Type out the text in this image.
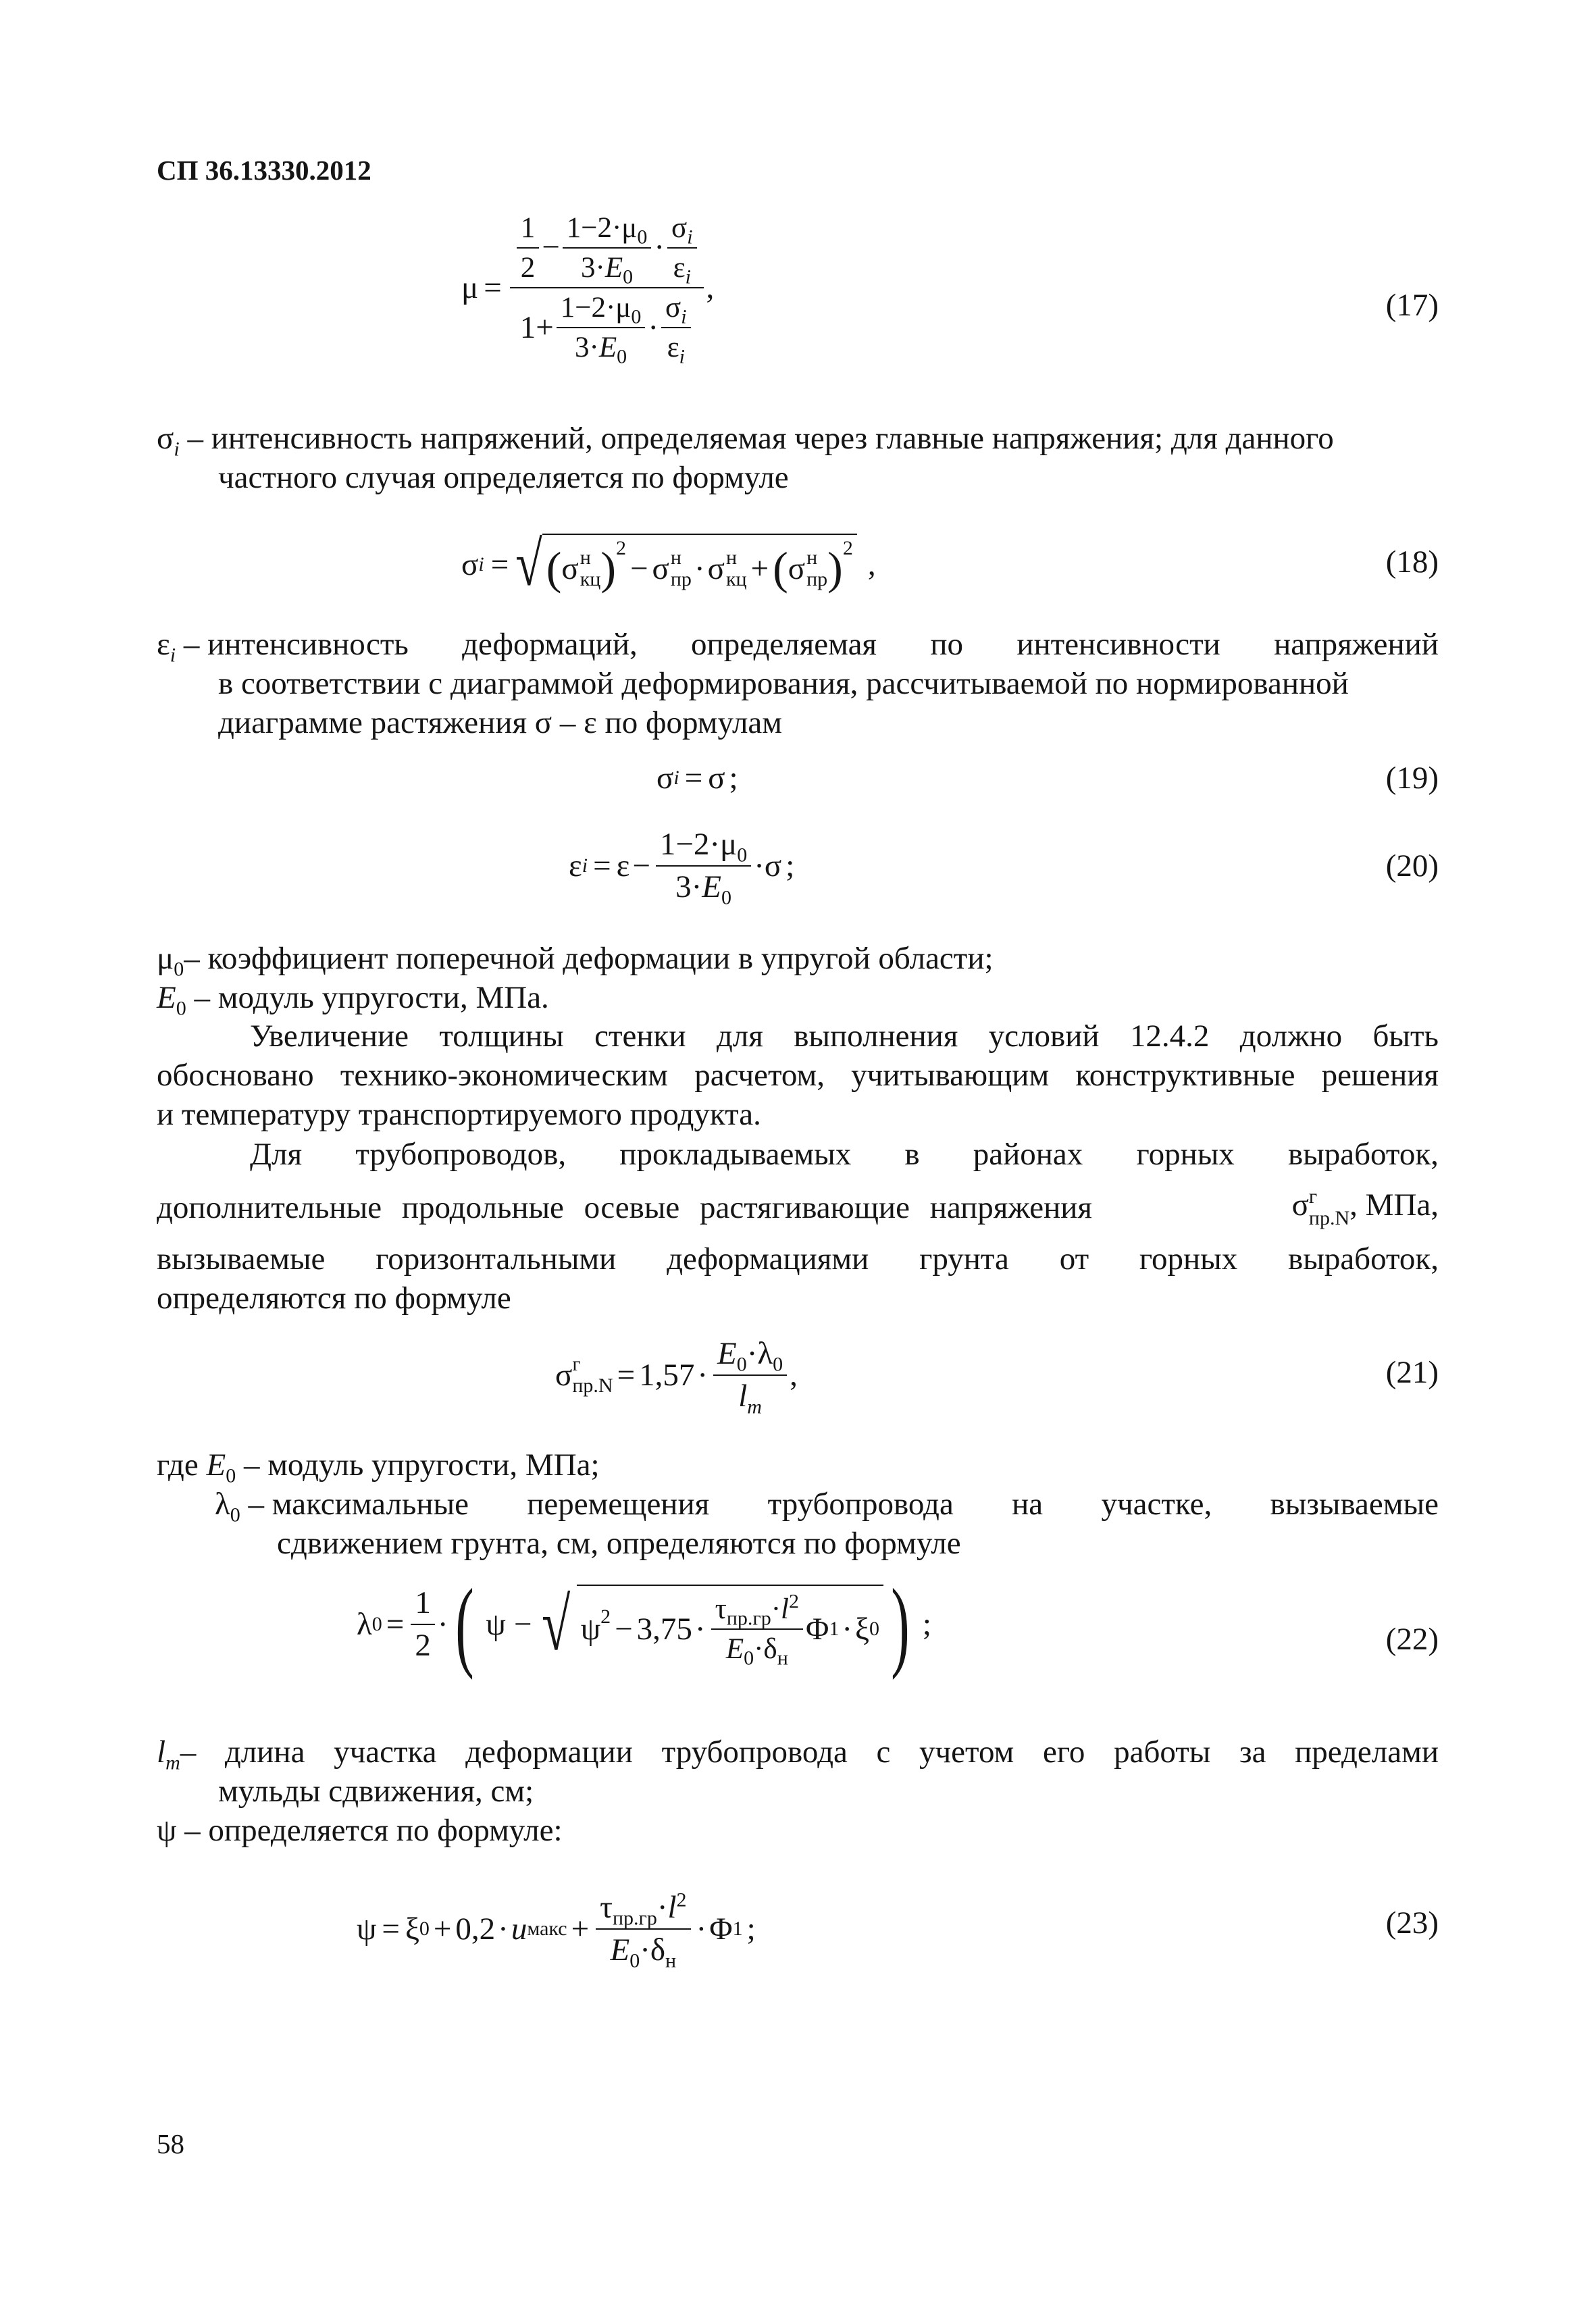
СП 36.13330.2012
$\mu = \frac{\frac{1}{2} - \frac{1-2\cdot\mu_0}{3\cdot E_0} \cdot \frac{\sigma_i}{\varepsilon_i}}{1 + \frac{1-2\cdot\mu_0}{3\cdot E_0} \cdot \frac{\sigma_i}{\varepsilon_i}}$ ,	(17)
$\sigma_i$ – интенсивность напряжений, определяемая через главные напряжения; для данного
частного случая определяется по формуле
σ i = √ ( σ н
кц )$^2$
− σ н
пр · σ н
кц + ( σ н
пр )$^2$ ,	(18)
$\varepsilon_i$ – интенсивность деформаций, определяемая по интенсивности напряжений
в соответствии с диаграммой деформирования, рассчитываемой по нормированной
диаграмме растяжения σ – ε по формулам
σ i = σ ;	(19)
ε $i = \varepsilon - \frac{1-2\cdot\mu_0}{3\cdot E_0} \cdot \sigma$ ;	(20)
$\mu_0-$ коэффициент поперечной деформации в упругой области;
$E_0$ – модуль упругости, МПа.
Увеличение толщины стенки для выполнения условий 12.4.2 должно быть
обосновано технико-экономическим расчетом, учитывающим конструктивные решения
и температуру транспортируемого продукта.
Для трубопроводов, прокладываемых в районах горных выработок,
дополнительные продольные осевые растягивающие напряжения	σ г
пр.N , МПа,
вызываемые горизонтальными деформациями грунта от горных выработок,
определяются по формуле
σ г
$пр.N = 1,57 \cdot \frac{E_0\cdot\lambda_0}{l_m}$ ,	(21)
где $E_0$ – модуль упругости, МПа;
$\lambda_0$ – максимальные перемещения трубопровода на участке, вызываемые
сдвижением грунта, см, определяются по формуле
λ $0 = \frac{1}{2}$ · ( ψ − √ $\psi^2 - 3,75 \cdot \frac{\tau_{пр.гр}\cdot l^2}{E_0\cdot\delta_н}$ Φ 1 · ξ 0 ) ;	(22)
$l_m$ – длина участка деформации трубопровода с учетом его работы за пределами
мульды сдвижения, см;
ψ – определяется по формуле:
ψ = ξ 0 + 0,2 · u макс + $\frac{\tau_{пр.гр}\cdot l^2}{E_0\cdot\delta_н} \cdot \Phi$ 1 ;	(23)
58
